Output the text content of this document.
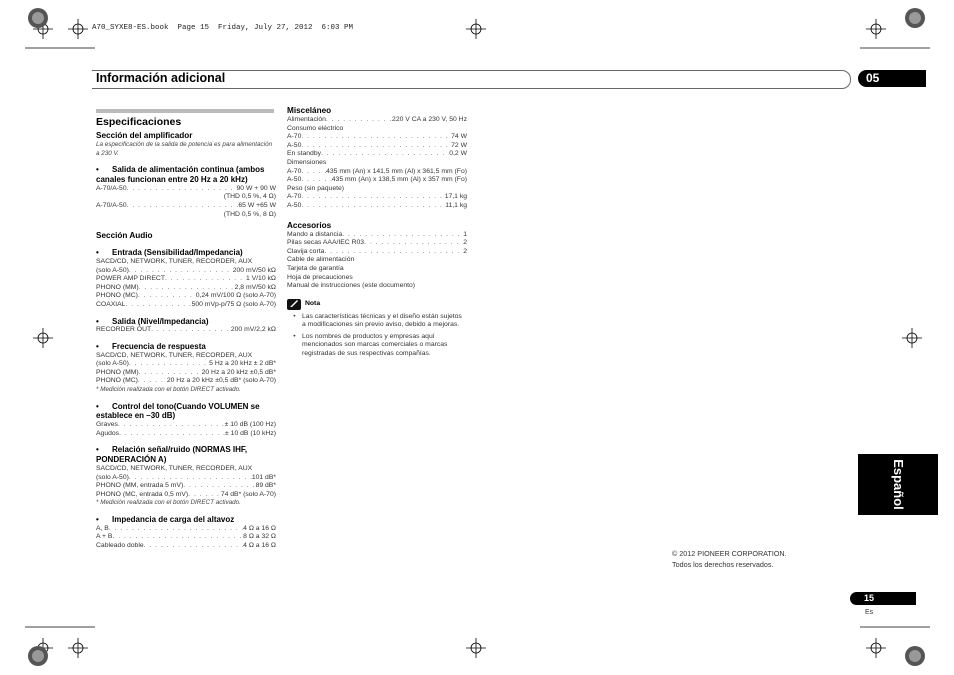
A70_SYXE8-ES.book  Page 15  Friday, July 27, 2012  6:03 PM
Información adicional	05
Especificaciones
Sección del amplificador
La especificación de la salida de potencia es para alimentación a 230 V.
• Salida de alimentación continua (ambos canales funcionan entre 20 Hz a 20 kHz)
A-70/A-50 . . .	90 W + 90 W
(THD 0,5 %, 4 Ω)
A-70/A-50 . . .	65 W +65 W
(THD 0,5 %, 8 Ω)
Sección Audio
• Entrada (Sensibilidad/Impedancia)
SACD/CD, NETWORK, TUNER, RECORDER, AUX
(solo A-50) . . .	200 mV/50 kΩ
POWER AMP DIRECT . . .	1 V/10 kΩ
PHONO (MM) . . .	2,8 mV/50 kΩ
PHONO (MC) . . .	0,24 mV/100 Ω (solo A-70)
COAXIAL . . .	500 mVp-p/75 Ω (solo A-70)
• Salida (Nivel/Impedancia)
RECORDER OUT . . .	200 mV/2,2 kΩ
• Frecuencia de respuesta
SACD/CD, NETWORK, TUNER, RECORDER, AUX
(solo A-50) . . .	5 Hz a 20 kHz ± 2 dB*
PHONO (MM) . . .	20 Hz a 20 kHz ±0,5 dB*
PHONO (MC) . . .	20 Hz a 20 kHz ±0,5 dB* (solo A-70)
* Medición realizada con el botón DIRECT activado.
• Control del tono(Cuando VOLUMEN se establece en –30 dB)
Graves . . .	± 10 dB (100 Hz)
Agudos . . .	± 10 dB (10 kHz)
• Relación señal/ruido (NORMAS IHF, PONDERACIÓN A)
SACD/CD, NETWORK, TUNER, RECORDER, AUX
(solo A-50) . . .	101 dB*
PHONO (MM, entrada 5 mV) . . .	89 dB*
PHONO (MC, entrada 0,5 mV) . . .	74 dB* (solo A-70)
* Medición realizada con el botón DIRECT activado.
• Impedancia de carga del altavoz
A, B . . .	4 Ω a 16 Ω
A + B . . .	8 Ω a 32 Ω
Cableado doble . . .	4 Ω a 16 Ω
Misceláneo
Alimentación . . .	220 V CA a 230 V, 50 Hz
Consumo eléctrico
A-70 . . .	74 W
A-50 . . .	72 W
En standby . . .	0,2 W
Dimensiones
A-70 . . .	435 mm (An) x 141,5 mm (Al) x 361,5 mm (Fo)
A-50 . . .	435 mm (An) x 138,5 mm (Al) x 357 mm (Fo)
Peso (sin paquete)
A-70 . . .	17,1 kg
A-50 . . .	11,1 kg
Accesorios
Mando a distancia . . .	1
Pilas secas AAA/IEC R03 . . .	2
Clavija corta . . .	2
Cable de alimentación
Tarjeta de garantía
Hoja de precauciones
Manual de instrucciones (este documento)
Nota
• Las características técnicas y el diseño están sujetos a modificaciones sin previo aviso, debido a mejoras.
• Los nombres de productos y empresas aquí mencionados son marcas comerciales o marcas registradas de sus respectivas compañías.
Español
© 2012 PIONEER CORPORATION.
Todos los derechos reservados.
15
Es
